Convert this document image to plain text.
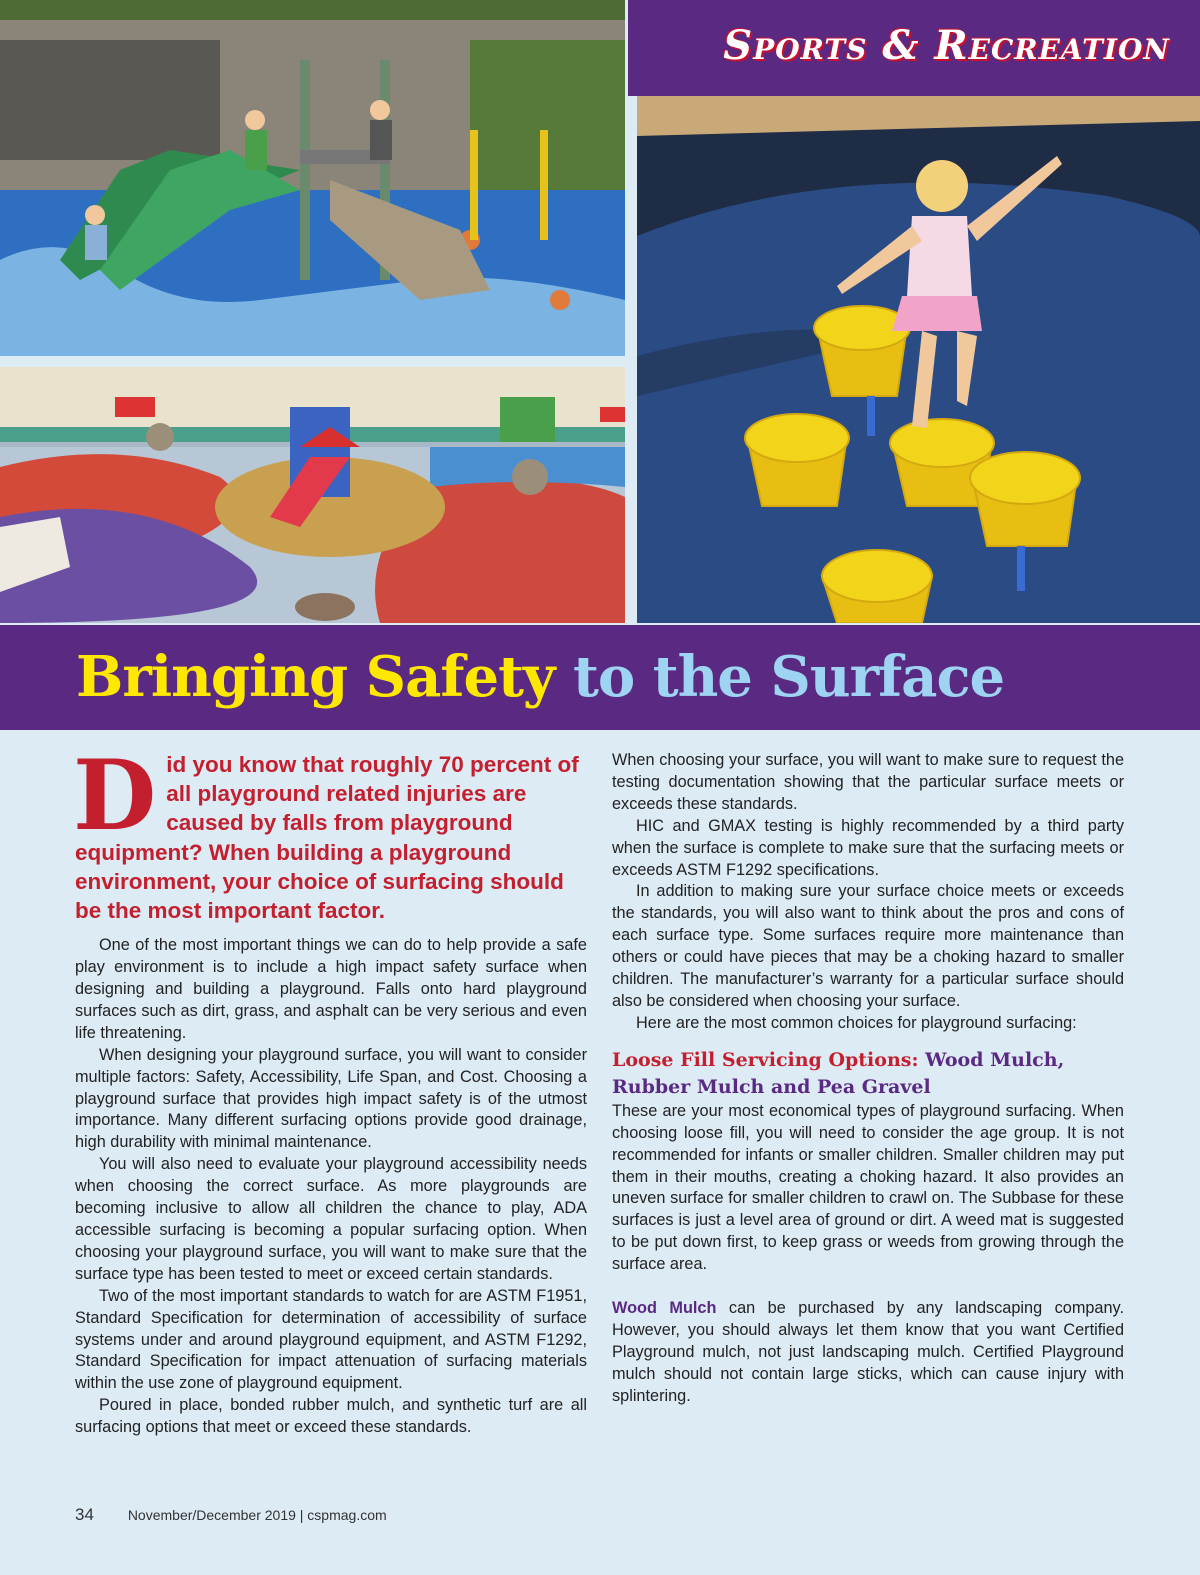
Sports & Recreation
Bringing Safety to the Surface
Did you know that roughly 70 percent of all playground related injuries are caused by falls from playground equipment? When building a playground environment, your choice of surfacing should be the most important factor.

One of the most important things we can do to help provide a safe play environment is to include a high impact safety surface when designing and building a playground. Falls onto hard playground surfaces such as dirt, grass, and asphalt can be very serious and even life threatening.

When designing your playground surface, you will want to consider multiple factors: Safety, Accessibility, Life Span, and Cost. Choosing a playground surface that provides high impact safety is of the utmost importance. Many different surfacing options provide good drainage, high durability with minimal maintenance.

You will also need to evaluate your playground accessibility needs when choosing the correct surface. As more playgrounds are becoming inclusive to allow all children the chance to play, ADA accessible surfacing is becoming a popular surfacing option. When choosing your playground surface, you will want to make sure that the surface type has been tested to meet or exceed certain standards.

Two of the most important standards to watch for are ASTM F1951, Standard Specification for determination of accessibility of surface systems under and around playground equipment, and ASTM F1292, Standard Specification for impact attenuation of surfacing materials within the use zone of playground equipment.

Poured in place, bonded rubber mulch, and synthetic turf are all surfacing options that meet or exceed these standards.

When choosing your surface, you will want to make sure to request the testing documentation showing that the particular surface meets or exceeds these standards.

HIC and GMAX testing is highly recommended by a third party when the surface is complete to make sure that the surfacing meets or exceeds ASTM F1292 specifications.

In addition to making sure your surface choice meets or exceeds the standards, you will also want to think about the pros and cons of each surface type. Some surfaces require more maintenance than others or could have pieces that may be a choking hazard to smaller children. The manufacturer’s warranty for a particular surface should also be considered when choosing your surface.

Here are the most common choices for playground surfacing:

Loose Fill Servicing Options: Wood Mulch, Rubber Mulch and Pea Gravel

These are your most economical types of playground surfacing. When choosing loose fill, you will need to consider the age group. It is not recommended for infants or smaller children. Smaller children may put them in their mouths, creating a choking hazard. It also provides an uneven surface for smaller children to crawl on. The Subbase for these surfaces is just a level area of ground or dirt. A weed mat is suggested to be put down first, to keep grass or weeds from growing through the surface area.

Wood Mulch can be purchased by any landscaping company. However, you should always let them know that you want Certified Playground mulch, not just landscaping mulch. Certified Playground mulch should not contain large sticks, which can cause injury with splintering.

34 November/December 2019 | cspmag.com
